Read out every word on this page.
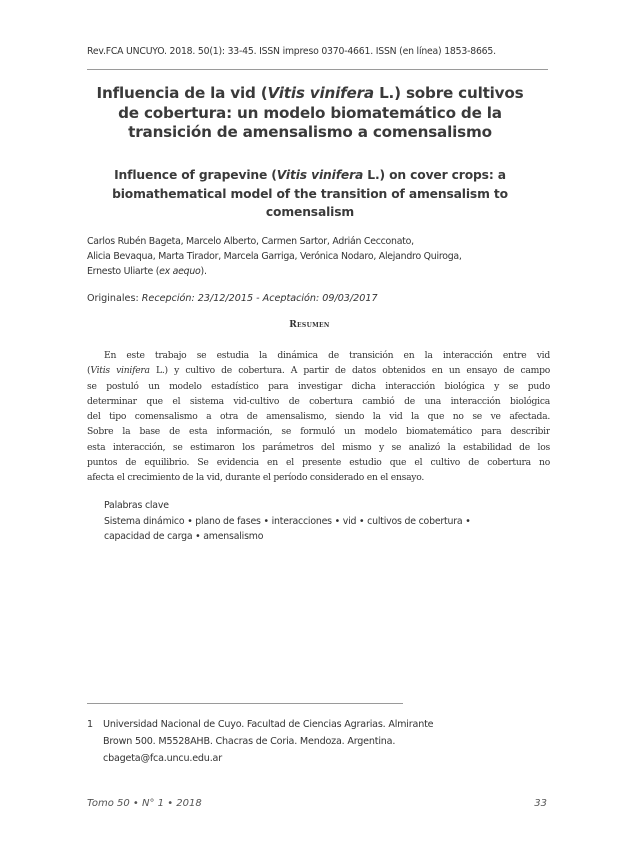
Rev.FCA UNCUYO. 2018. 50(1): 33-45. ISSN impreso 0370-4661. ISSN (en línea) 1853-8665.
Influencia de la vid (Vitis vinifera L.) sobre cultivos de cobertura: un modelo biomatemático de la transición de amensalismo a comensalismo
Influence of grapevine (Vitis vinifera L.) on cover crops: a biomathematical model of the transition of amensalism to comensalism
Carlos Rubén Bageta, Marcelo Alberto, Carmen Sartor, Adrián Cecconato,
Alicia Bevaqua, Marta Tirador, Marcela Garriga, Verónica Nodaro, Alejandro Quiroga,
Ernesto Uliarte (ex aequo).
Originales: Recepción: 23/12/2015 - Aceptación: 09/03/2017
Resumen
En este trabajo se estudia la dinámica de transición en la interacción entre vid
(Vitis vinifera L.) y cultivo de cobertura. A partir de datos obtenidos en un ensayo de campo
se postuló un modelo estadístico para investigar dicha interacción biológica y se pudo
determinar que el sistema vid-cultivo de cobertura cambió de una interacción biológica
del tipo comensalismo a otra de amensalismo, siendo la vid la que no se ve afectada.
Sobre la base de esta información, se formuló un modelo biomatemático para describir
esta interacción, se estimaron los parámetros del mismo y se analizó la estabilidad de los
puntos de equilibrio. Se evidencia en el presente estudio que el cultivo de cobertura no
afecta el crecimiento de la vid, durante el período considerado en el ensayo.
Palabras clave
Sistema dinámico • plano de fases • interacciones • vid • cultivos de cobertura •
capacidad de carga • amensalismo
1 Universidad Nacional de Cuyo. Facultad de Ciencias Agrarias. Almirante
Brown 500. M5528AHB. Chacras de Coria. Mendoza. Argentina.
cbageta@fca.uncu.edu.ar
Tomo 50 • N° 1 • 2018	33
